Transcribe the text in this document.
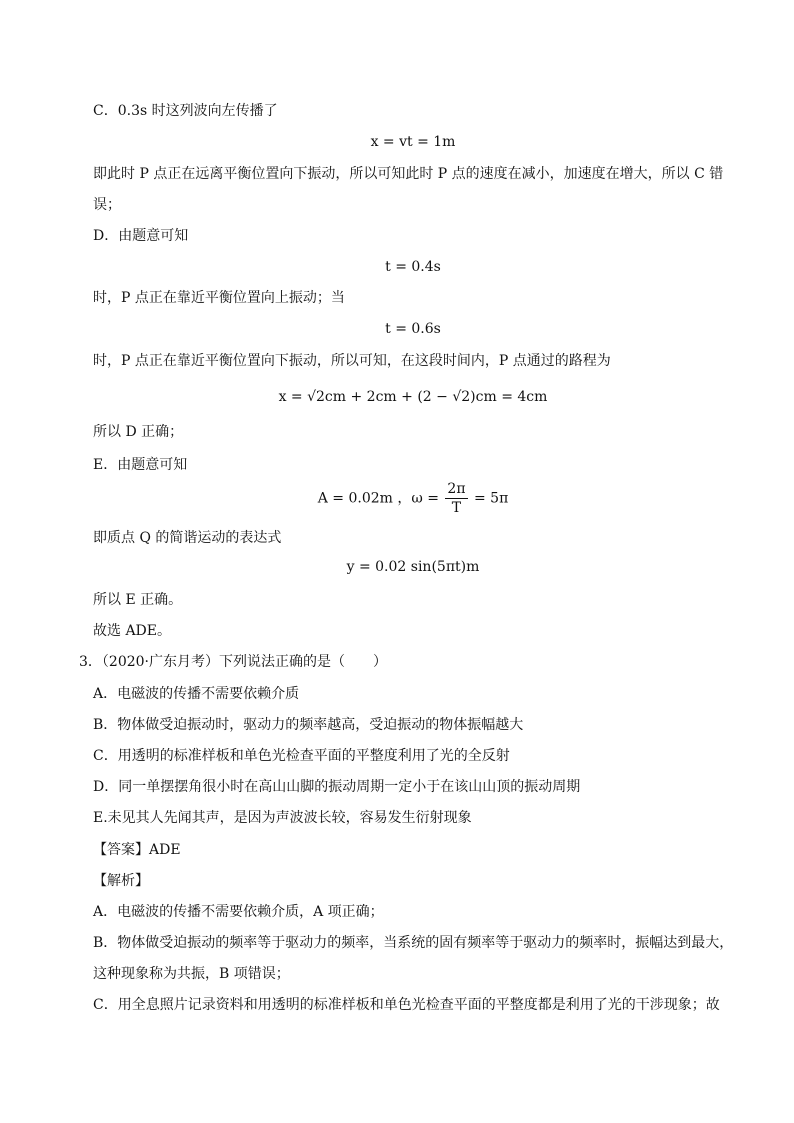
C．0.3s 时这列波向左传播了
x = vt = 1m
即此时 P 点正在远离平衡位置向下振动，所以可知此时 P 点的速度在减小，加速度在增大，所以 C 错
误；
D．由题意可知
t = 0.4s
时，P 点正在靠近平衡位置向上振动；当
t = 0.6s
时，P 点正在靠近平衡位置向下振动，所以可知，在这段时间内，P 点通过的路程为
x = √2cm + 2cm + (2 − √2)cm = 4cm
所以 D 正确；
E．由题意可知
A = 0.02m ，$\omega = \frac{2\pi}{T} = 5\pi$
即质点 Q 的简谐运动的表达式
y = 0.02 sin(5πt)m
所以 E 正确。
故选 ADE。
3．（2020·广东月考）下列说法正确的是（　　）
A．电磁波的传播不需要依赖介质
B．物体做受迫振动时，驱动力的频率越高，受迫振动的物体振幅越大
C．用透明的标准样板和单色光检查平面的平整度利用了光的全反射
D．同一单摆摆角很小时在高山山脚的振动周期一定小于在该山山顶的振动周期
E.未见其人先闻其声，是因为声波波长较，容易发生衍射现象
【答案】ADE
【解析】
A．电磁波的传播不需要依赖介质，A 项正确；
B．物体做受迫振动的频率等于驱动力的频率，当系统的固有频率等于驱动力的频率时，振幅达到最大，
这种现象称为共振，B 项错误；
C．用全息照片记录资料和用透明的标准样板和单色光检查平面的平整度都是利用了光的干涉现象；故
